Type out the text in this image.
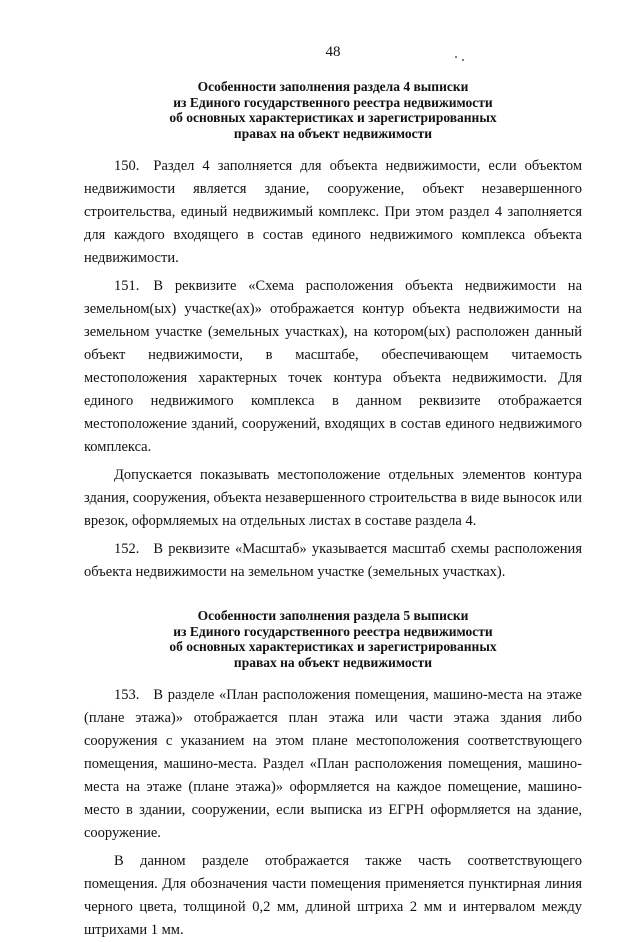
48
Особенности заполнения раздела 4 выписки
из Единого государственного реестра недвижимости
об основных характеристиках и зарегистрированных
правах на объект недвижимости

150. Раздел 4 заполняется для объекта недвижимости, если объектом недвижимости является здание, сооружение, объект незавершенного строительства, единый недвижимый комплекс. При этом раздел 4 заполняется для каждого входящего в состав единого недвижимого комплекса объекта недвижимости.

151. В реквизите «Схема расположения объекта недвижимости на земельном(ых) участке(ах)» отображается контур объекта недвижимости на земельном участке (земельных участках), на котором(ых) расположен данный объект недвижимости, в масштабе, обеспечивающем читаемость местоположения характерных точек контура объекта недвижимости. Для единого недвижимого комплекса в данном реквизите отображается местоположение зданий, сооружений, входящих в состав единого недвижимого комплекса.

Допускается показывать местоположение отдельных элементов контура здания, сооружения, объекта незавершенного строительства в виде выносок или врезок, оформляемых на отдельных листах в составе раздела 4.

152. В реквизите «Масштаб» указывается масштаб схемы расположения объекта недвижимости на земельном участке (земельных участках).

Особенности заполнения раздела 5 выписки
из Единого государственного реестра недвижимости
об основных характеристиках и зарегистрированных
правах на объект недвижимости

153. В разделе «План расположения помещения, машино-места на этаже (плане этажа)» отображается план этажа или части этажа здания либо сооружения с указанием на этом плане местоположения соответствующего помещения, машино-места. Раздел «План расположения помещения, машино-места на этаже (плане этажа)» оформляется на каждое помещение, машино-место в здании, сооружении, если выписка из ЕГРН оформляется на здание, сооружение.

В данном разделе отображается также часть соответствующего помещения. Для обозначения части помещения применяется пунктирная линия черного цвета, толщиной 0,2 мм, длиной штриха 2 мм и интервалом между штрихами 1 мм.
